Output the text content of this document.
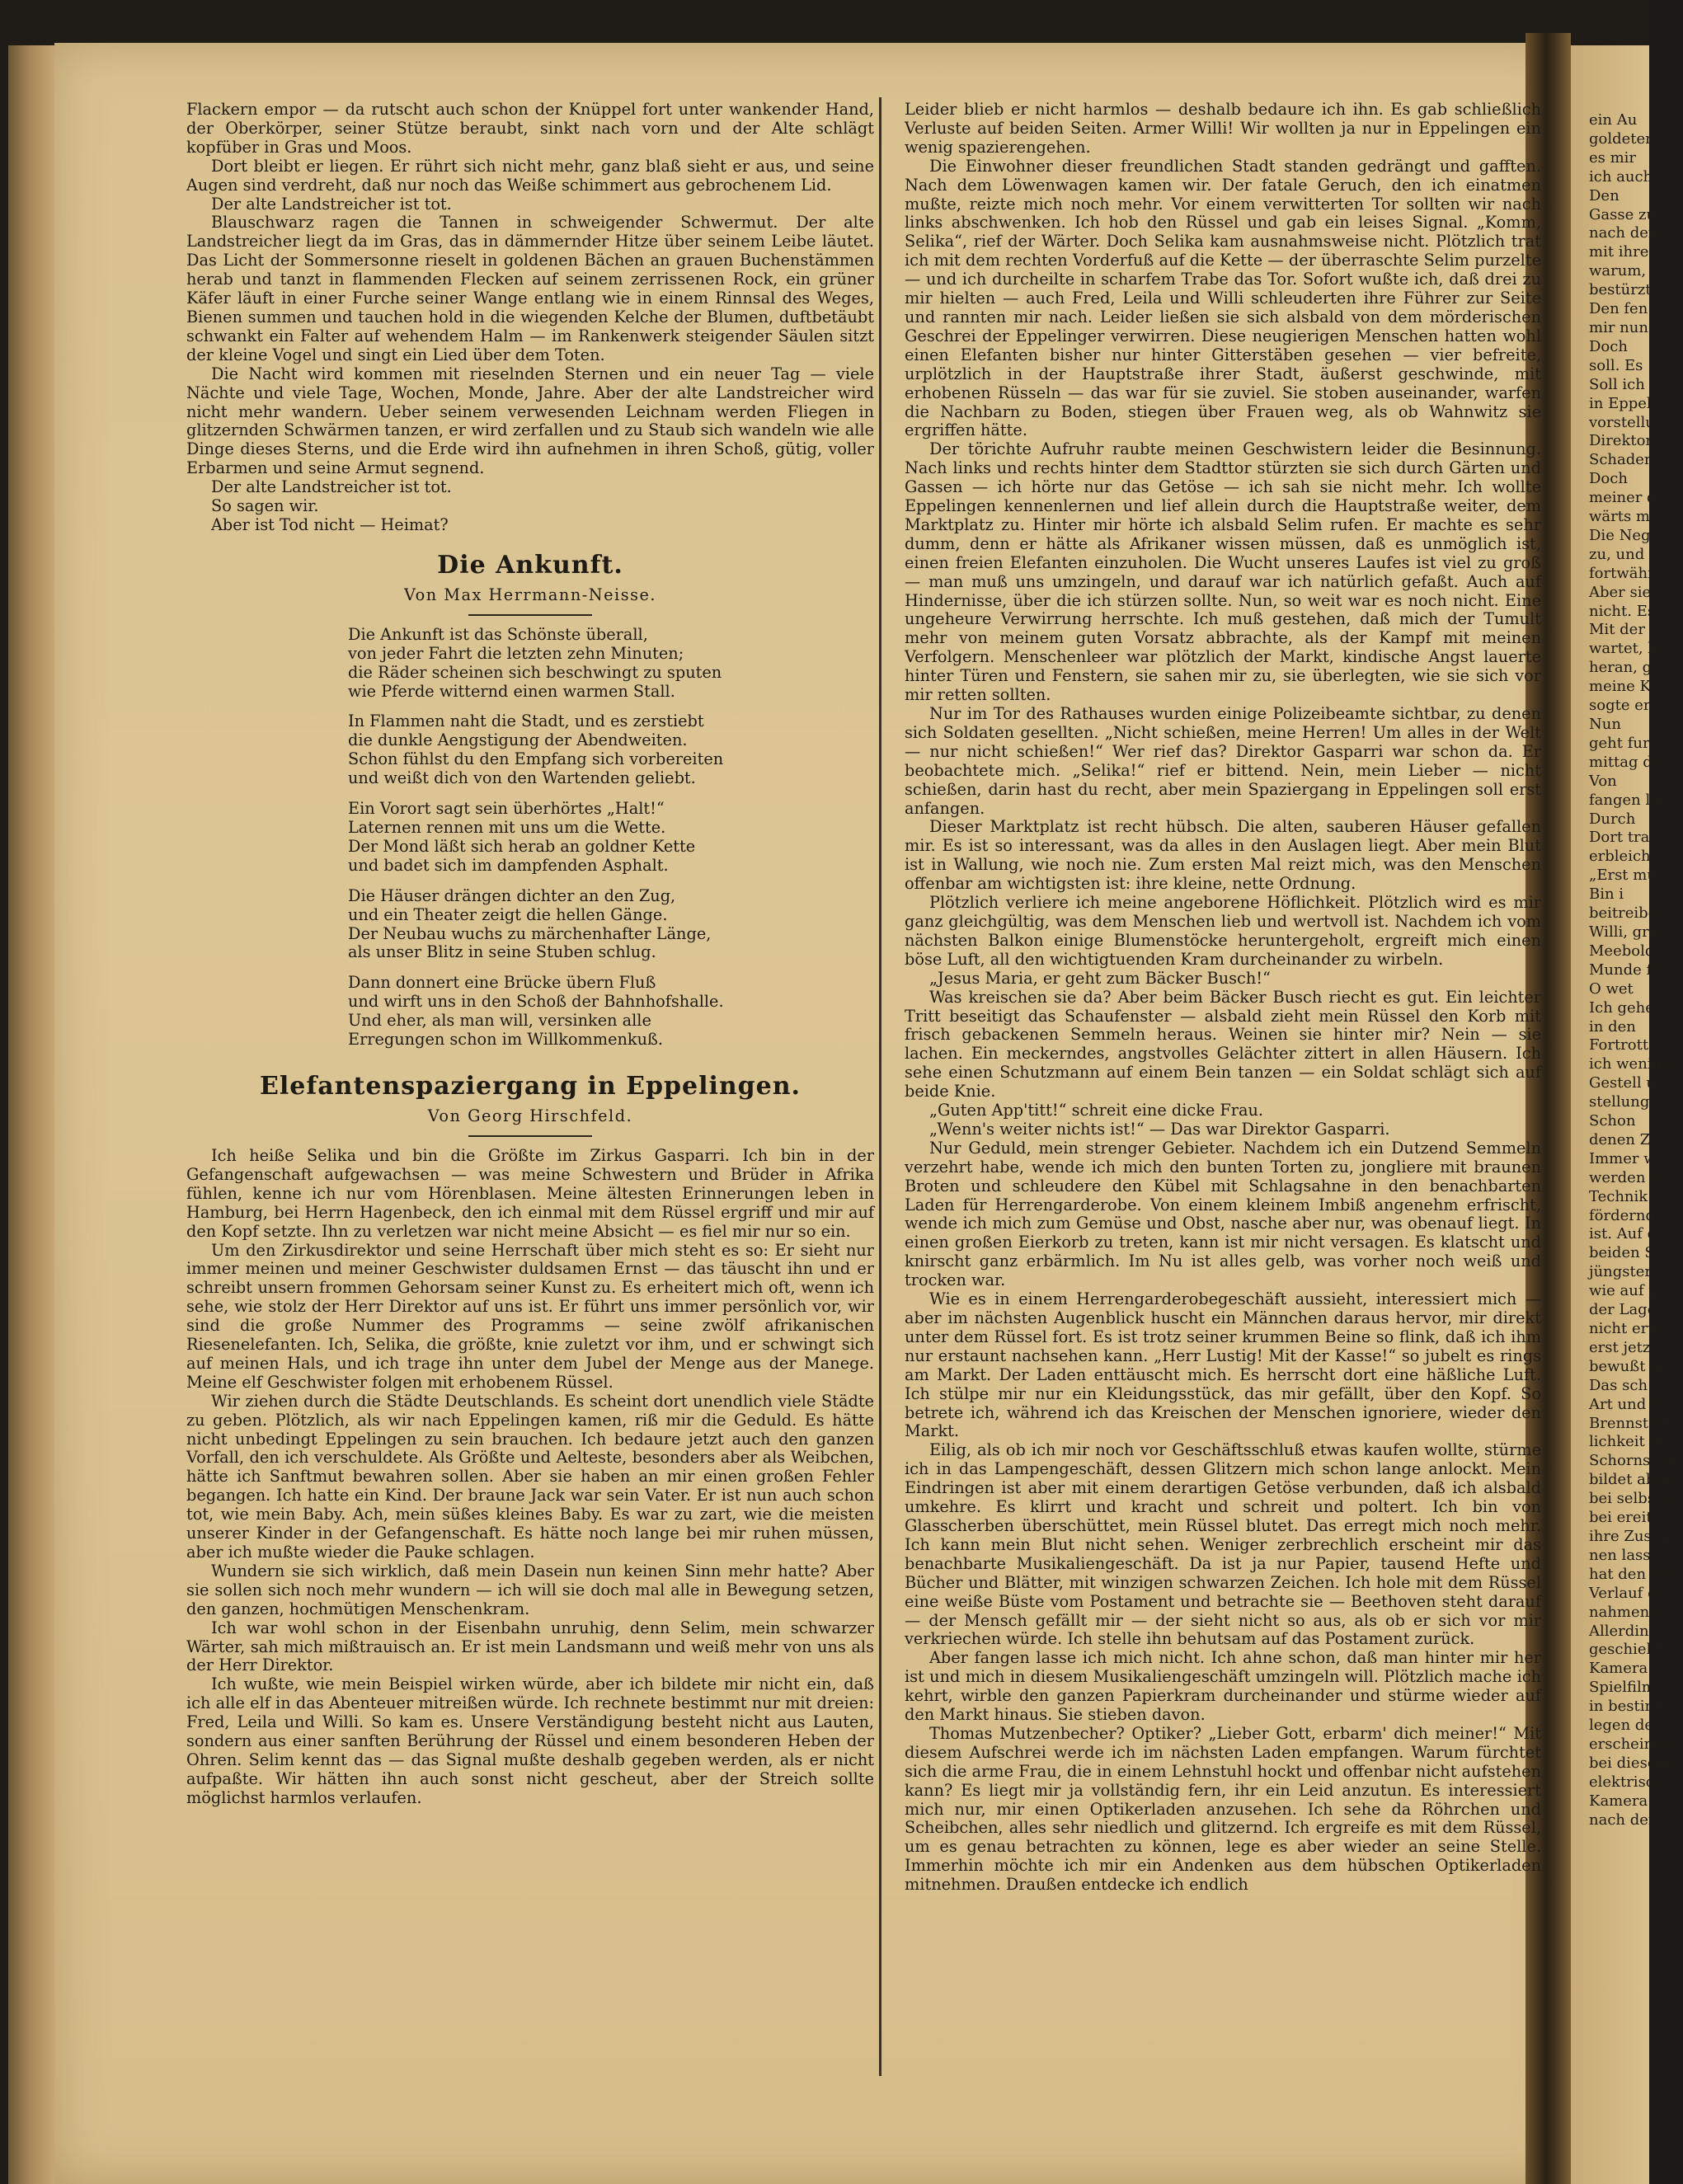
ein Au
goldeten
es mir
ich auch
Den
Gasse zu
nach den
mit ihre
warum,
bestürzt
Den fen
mir nun
Doch
soll. Es
Soll ich
in Eppel
vorstellu
Direktor
Schaden,
Doch
meiner d
wärts m
Die Neg
zu, und
fortwähr
Aber sie
nicht. Es
Mit der
wartet, b
heran, g
meine K
sogte er.
Nun
geht furch
mittag die
Von
fangen la
Durch
Dort traf
erbleicht.
„Erst müs
Bin i
beitreiben
Willi, gra
Meebold,
Munde fl
O wet
Ich gehe
in den
Fortrott,
ich wenigs
Gestell un
stellung, d
Schon
denen Zu
Immer we
werden die
Technik u
fördernd a
ist. Auf di
beiden Se
jüngster J
wie auf p
der Lage
nicht erwe
erst jetzt
bewußt ge
Das sch
Art und W
Brennstoff
lichkeit der
Schornstein
bildet aber
bei selbsttä
bei ereits
ihre Zusam
nen lassen.
hat den Wa
Verlauf der
nahmen des
Allerdin
geschieht. D
Kamera he
Spielfilmen
in bestimm
legen der
erscheint, s
bei diesem
elektrische
Kamera fest
nach der G

Flackern empor — da rutscht auch schon der Knüppel fort unter wankender Hand, der Oberkörper, seiner Stütze beraubt, sinkt nach vorn und der Alte schlägt kopfüber in Gras und Moos.

Dort bleibt er liegen. Er rührt sich nicht mehr, ganz blaß sieht er aus, und seine Augen sind verdreht, daß nur noch das Weiße schimmert aus gebrochenem Lid.

Der alte Landstreicher ist tot.

Blauschwarz ragen die Tannen in schweigender Schwermut. Der alte Landstreicher liegt da im Gras, das in dämmernder Hitze über seinem Leibe läutet. Das Licht der Sommersonne rieselt in goldenen Bächen an grauen Buchenstämmen herab und tanzt in flammenden Flecken auf seinem zerrissenen Rock, ein grüner Käfer läuft in einer Furche seiner Wange entlang wie in einem Rinnsal des Weges, Bienen summen und tauchen hold in die wiegenden Kelche der Blumen, duftbetäubt schwankt ein Falter auf wehendem Halm — im Rankenwerk steigender Säulen sitzt der kleine Vogel und singt ein Lied über dem Toten.

Die Nacht wird kommen mit rieselnden Sternen und ein neuer Tag — viele Nächte und viele Tage, Wochen, Monde, Jahre. Aber der alte Landstreicher wird nicht mehr wandern. Ueber seinem verwesenden Leichnam werden Fliegen in glitzernden Schwärmen tanzen, er wird zerfallen und zu Staub sich wandeln wie alle Dinge dieses Sterns, und die Erde wird ihn aufnehmen in ihren Schoß, gütig, voller Erbarmen und seine Armut segnend.

Der alte Landstreicher ist tot.

So sagen wir.

Aber ist Tod nicht — Heimat?

Die Ankunft.
Von Max Herrmann-Neisse.
Die Ankunft ist das Schönste überall,
von jeder Fahrt die letzten zehn Minuten;
die Räder scheinen sich beschwingt zu sputen
wie Pferde witternd einen warmen Stall.
In Flammen naht die Stadt, und es zerstiebt
die dunkle Aengstigung der Abendweiten.
Schon fühlst du den Empfang sich vorbereiten
und weißt dich von den Wartenden geliebt.
Ein Vorort sagt sein überhörtes „Halt!“
Laternen rennen mit uns um die Wette.
Der Mond läßt sich herab an goldner Kette
und badet sich im dampfenden Asphalt.
Die Häuser drängen dichter an den Zug,
und ein Theater zeigt die hellen Gänge.
Der Neubau wuchs zu märchenhafter Länge,
als unser Blitz in seine Stuben schlug.
Dann donnert eine Brücke übern Fluß
und wirft uns in den Schoß der Bahnhofshalle.
Und eher, als man will, versinken alle
Erregungen schon im Willkommenkuß.
Elefantenspaziergang in Eppelingen.
Von Georg Hirschfeld.

Ich heiße Selika und bin die Größte im Zirkus Gasparri. Ich bin in der Gefangenschaft aufgewachsen — was meine Schwestern und Brüder in Afrika fühlen, kenne ich nur vom Hörenblasen. Meine ältesten Erinnerungen leben in Hamburg, bei Herrn Hagenbeck, den ich einmal mit dem Rüssel ergriff und mir auf den Kopf setzte. Ihn zu verletzen war nicht meine Absicht — es fiel mir nur so ein.

Um den Zirkusdirektor und seine Herrschaft über mich steht es so: Er sieht nur immer meinen und meiner Geschwister duldsamen Ernst — das täuscht ihn und er schreibt unsern frommen Gehorsam seiner Kunst zu. Es erheitert mich oft, wenn ich sehe, wie stolz der Herr Direktor auf uns ist. Er führt uns immer persönlich vor, wir sind die große Nummer des Programms — seine zwölf afrikanischen Riesenelefanten. Ich, Selika, die größte, knie zuletzt vor ihm, und er schwingt sich auf meinen Hals, und ich trage ihn unter dem Jubel der Menge aus der Manege. Meine elf Geschwister folgen mit erhobenem Rüssel.

Wir ziehen durch die Städte Deutschlands. Es scheint dort unendlich viele Städte zu geben. Plötzlich, als wir nach Eppelingen kamen, riß mir die Geduld. Es hätte nicht unbedingt Eppelingen zu sein brauchen. Ich bedaure jetzt auch den ganzen Vorfall, den ich verschuldete. Als Größte und Aelteste, besonders aber als Weibchen, hätte ich Sanftmut bewahren sollen. Aber sie haben an mir einen großen Fehler begangen. Ich hatte ein Kind. Der braune Jack war sein Vater. Er ist nun auch schon tot, wie mein Baby. Ach, mein süßes kleines Baby. Es war zu zart, wie die meisten unserer Kinder in der Gefangenschaft. Es hätte noch lange bei mir ruhen müssen, aber ich mußte wieder die Pauke schlagen.

Wundern sie sich wirklich, daß mein Dasein nun keinen Sinn mehr hatte? Aber sie sollen sich noch mehr wundern — ich will sie doch mal alle in Bewegung setzen, den ganzen, hochmütigen Menschenkram.

Ich war wohl schon in der Eisenbahn unruhig, denn Selim, mein schwarzer Wärter, sah mich mißtrauisch an. Er ist mein Landsmann und weiß mehr von uns als der Herr Direktor.

Ich wußte, wie mein Beispiel wirken würde, aber ich bildete mir nicht ein, daß ich alle elf in das Abenteuer mitreißen würde. Ich rechnete bestimmt nur mit dreien: Fred, Leila und Willi. So kam es. Unsere Verständigung besteht nicht aus Lauten, sondern aus einer sanften Berührung der Rüssel und einem besonderen Heben der Ohren. Selim kennt das — das Signal mußte deshalb gegeben werden, als er nicht aufpaßte. Wir hätten ihn auch sonst nicht gescheut, aber der Streich sollte möglichst harmlos verlaufen.

Leider blieb er nicht harmlos — deshalb bedaure ich ihn. Es gab schließlich Verluste auf beiden Seiten. Armer Willi! Wir wollten ja nur in Eppelingen ein wenig spazierengehen.

Die Einwohner dieser freundlichen Stadt standen gedrängt und gafften. Nach dem Löwenwagen kamen wir. Der fatale Geruch, den ich einatmen mußte, reizte mich noch mehr. Vor einem verwitterten Tor sollten wir nach links abschwenken. Ich hob den Rüssel und gab ein leises Signal. „Komm, Selika“, rief der Wärter. Doch Selika kam ausnahmsweise nicht. Plötzlich trat ich mit dem rechten Vorderfuß auf die Kette — der überraschte Selim purzelte — und ich durcheilte in scharfem Trabe das Tor. Sofort wußte ich, daß drei zu mir hielten — auch Fred, Leila und Willi schleuderten ihre Führer zur Seite und rannten mir nach. Leider ließen sie sich alsbald von dem mörderischen Geschrei der Eppelinger verwirren. Diese neugierigen Menschen hatten wohl einen Elefanten bisher nur hinter Gitterstäben gesehen — vier befreite, urplötzlich in der Hauptstraße ihrer Stadt, äußerst geschwinde, mit erhobenen Rüsseln — das war für sie zuviel. Sie stoben auseinander, warfen die Nachbarn zu Boden, stiegen über Frauen weg, als ob Wahnwitz sie ergriffen hätte.

Der törichte Aufruhr raubte meinen Geschwistern leider die Besinnung. Nach links und rechts hinter dem Stadttor stürzten sie sich durch Gärten und Gassen — ich hörte nur das Getöse — ich sah sie nicht mehr. Ich wollte Eppelingen kennenlernen und lief allein durch die Hauptstraße weiter, dem Marktplatz zu. Hinter mir hörte ich alsbald Selim rufen. Er machte es sehr dumm, denn er hätte als Afrikaner wissen müssen, daß es unmöglich ist, einen freien Elefanten einzuholen. Die Wucht unseres Laufes ist viel zu groß — man muß uns umzingeln, und darauf war ich natürlich gefaßt. Auch auf Hindernisse, über die ich stürzen sollte. Nun, so weit war es noch nicht. Eine ungeheure Verwirrung herrschte. Ich muß gestehen, daß mich der Tumult mehr von meinem guten Vorsatz abbrachte, als der Kampf mit meinen Verfolgern. Menschenleer war plötzlich der Markt, kindische Angst lauerte hinter Türen und Fenstern, sie sahen mir zu, sie überlegten, wie sie sich vor mir retten sollten.

Nur im Tor des Rathauses wurden einige Polizeibeamte sichtbar, zu denen sich Soldaten gesellten. „Nicht schießen, meine Herren! Um alles in der Welt — nur nicht schießen!“ Wer rief das? Direktor Gasparri war schon da. Er beobachtete mich. „Selika!“ rief er bittend. Nein, mein Lieber — nicht schießen, darin hast du recht, aber mein Spaziergang in Eppelingen soll erst anfangen.

Dieser Marktplatz ist recht hübsch. Die alten, sauberen Häuser gefallen mir. Es ist so interessant, was da alles in den Auslagen liegt. Aber mein Blut ist in Wallung, wie noch nie. Zum ersten Mal reizt mich, was den Menschen offenbar am wichtigsten ist: ihre kleine, nette Ordnung.

Plötzlich verliere ich meine angeborene Höflichkeit. Plötzlich wird es mir ganz gleichgültig, was dem Menschen lieb und wertvoll ist. Nachdem ich vom nächsten Balkon einige Blumenstöcke heruntergeholt, ergreift mich einen böse Luft, all den wichtigtuenden Kram durcheinander zu wirbeln.

„Jesus Maria, er geht zum Bäcker Busch!“

Was kreischen sie da? Aber beim Bäcker Busch riecht es gut. Ein leichter Tritt beseitigt das Schaufenster — alsbald zieht mein Rüssel den Korb mit frisch gebackenen Semmeln heraus. Weinen sie hinter mir? Nein — sie lachen. Ein meckerndes, angstvolles Gelächter zittert in allen Häusern. Ich sehe einen Schutzmann auf einem Bein tanzen — ein Soldat schlägt sich auf beide Knie.

„Guten App'titt!“ schreit eine dicke Frau.

„Wenn's weiter nichts ist!“ — Das war Direktor Gasparri.

Nur Geduld, mein strenger Gebieter. Nachdem ich ein Dutzend Semmeln verzehrt habe, wende ich mich den bunten Torten zu, jongliere mit braunen Broten und schleudere den Kübel mit Schlagsahne in den benachbarten Laden für Herrengarderobe. Von einem kleinem Imbiß angenehm erfrischt, wende ich mich zum Gemüse und Obst, nasche aber nur, was obenauf liegt. In einen großen Eierkorb zu treten, kann ist mir nicht versagen. Es klatscht und knirscht ganz erbärmlich. Im Nu ist alles gelb, was vorher noch weiß und trocken war.

Wie es in einem Herrengarderobegeschäft aussieht, interessiert mich — aber im nächsten Augenblick huscht ein Männchen daraus hervor, mir direkt unter dem Rüssel fort. Es ist trotz seiner krummen Beine so flink, daß ich ihm nur erstaunt nachsehen kann. „Herr Lustig! Mit der Kasse!“ so jubelt es rings am Markt. Der Laden enttäuscht mich. Es herrscht dort eine häßliche Luft. Ich stülpe mir nur ein Kleidungsstück, das mir gefällt, über den Kopf. So betrete ich, während ich das Kreischen der Menschen ignoriere, wieder den Markt.

Eilig, als ob ich mir noch vor Geschäftsschluß etwas kaufen wollte, stürme ich in das Lampengeschäft, dessen Glitzern mich schon lange anlockt. Mein Eindringen ist aber mit einem derartigen Getöse verbunden, daß ich alsbald umkehre. Es klirrt und kracht und schreit und poltert. Ich bin von Glasscherben überschüttet, mein Rüssel blutet. Das erregt mich noch mehr. Ich kann mein Blut nicht sehen. Weniger zerbrechlich erscheint mir das benachbarte Musikaliengeschäft. Da ist ja nur Papier, tausend Hefte und Bücher und Blätter, mit winzigen schwarzen Zeichen. Ich hole mit dem Rüssel eine weiße Büste vom Postament und betrachte sie — Beethoven steht darauf — der Mensch gefällt mir — der sieht nicht so aus, als ob er sich vor mir verkriechen würde. Ich stelle ihn behutsam auf das Postament zurück.

Aber fangen lasse ich mich nicht. Ich ahne schon, daß man hinter mir her ist und mich in diesem Musikaliengeschäft umzingeln will. Plötzlich mache ich kehrt, wirble den ganzen Papierkram durcheinander und stürme wieder auf den Markt hinaus. Sie stieben davon.

Thomas Mutzenbecher? Optiker? „Lieber Gott, erbarm' dich meiner!“ Mit diesem Aufschrei werde ich im nächsten Laden empfangen. Warum fürchtet sich die arme Frau, die in einem Lehnstuhl hockt und offenbar nicht aufstehen kann? Es liegt mir ja vollständig fern, ihr ein Leid anzutun. Es interessiert mich nur, mir einen Optikerladen anzusehen. Ich sehe da Röhrchen und Scheibchen, alles sehr niedlich und glitzernd. Ich ergreife es mit dem Rüssel, um es genau betrachten zu können, lege es aber wieder an seine Stelle. Immerhin möchte ich mir ein Andenken aus dem hübschen Optikerladen mitnehmen. Draußen entdecke ich endlich
